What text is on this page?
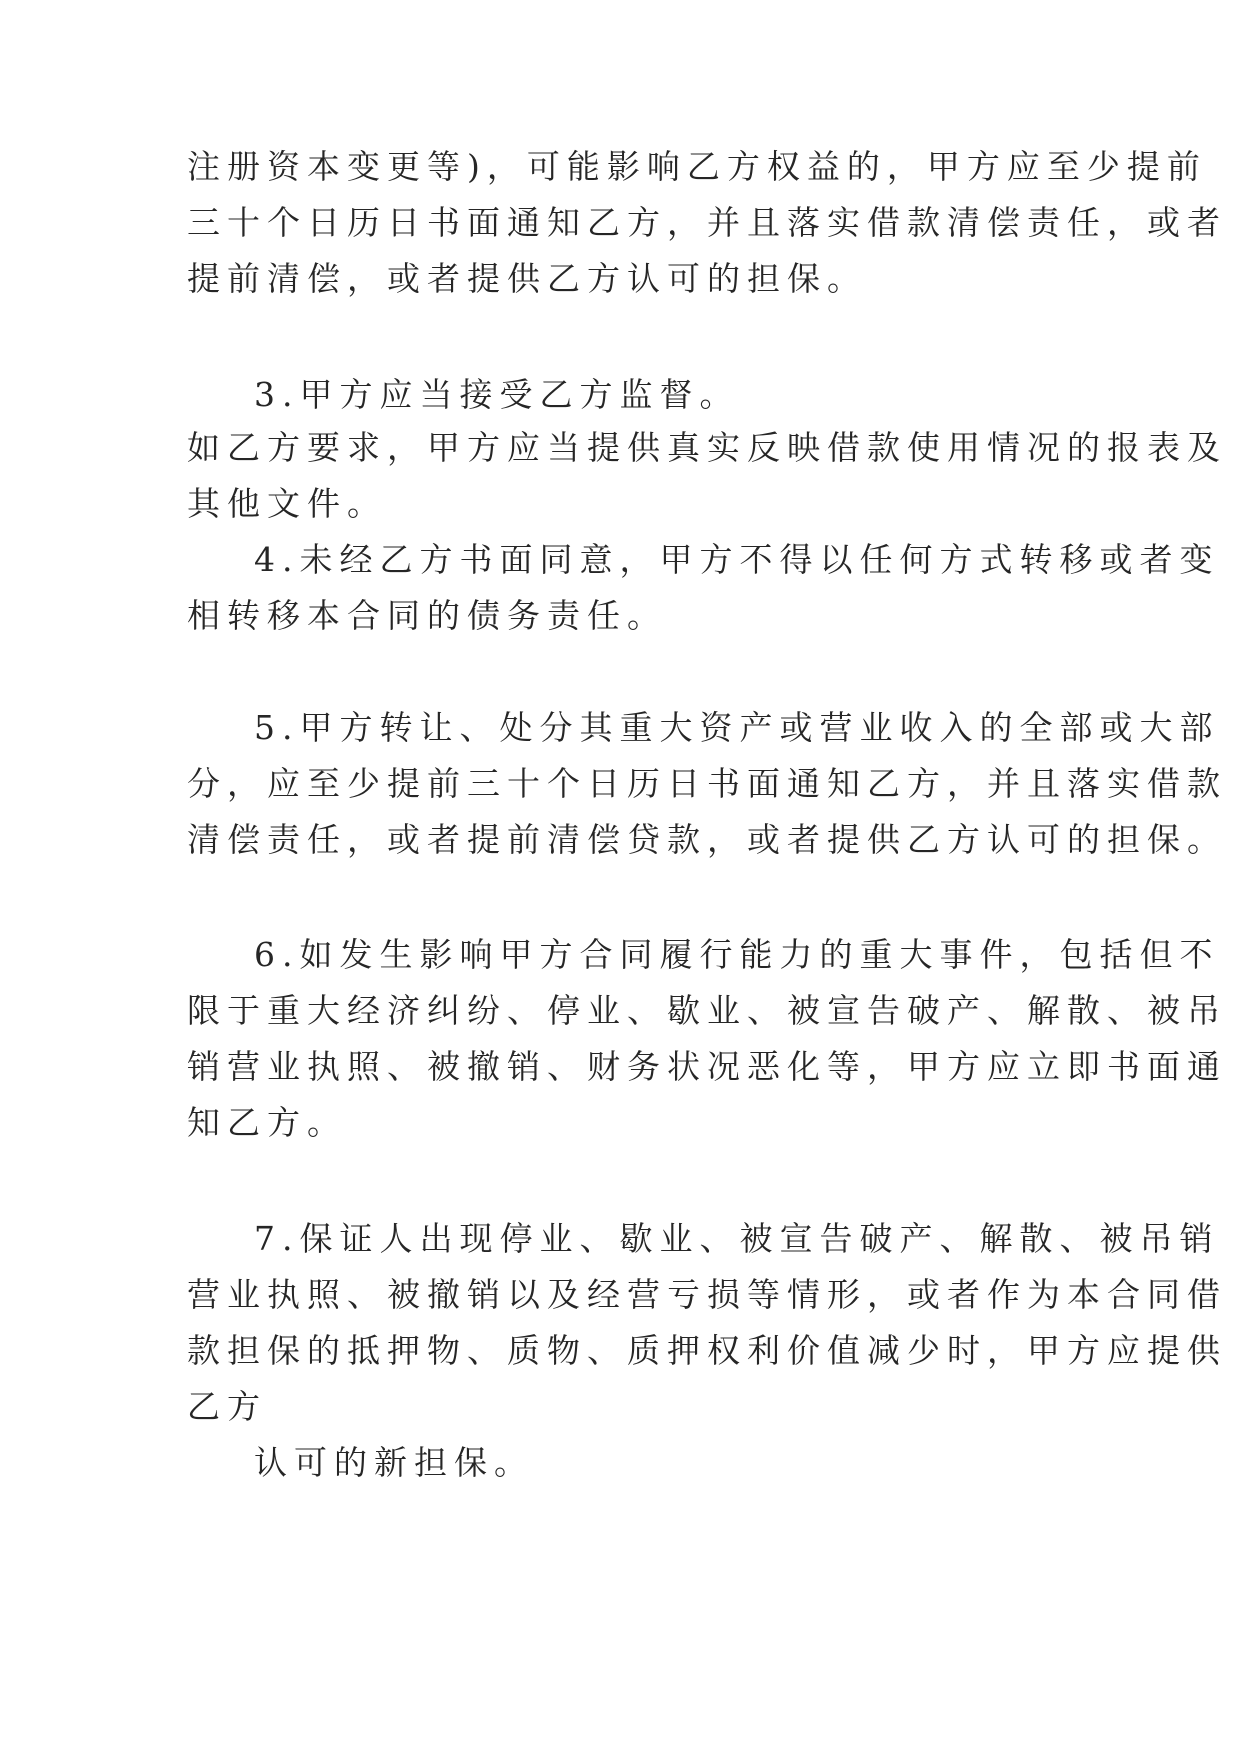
注册资本变更等)，可能影响乙方权益的，甲方应至少提前

三十个日历日书面通知乙方，并且落实借款清偿责任，或者

提前清偿，或者提供乙方认可的担保。

3.甲方应当接受乙方监督。

如乙方要求，甲方应当提供真实反映借款使用情况的报表及

其他文件。

4.未经乙方书面同意，甲方不得以任何方式转移或者变

相转移本合同的债务责任。

5.甲方转让、处分其重大资产或营业收入的全部或大部

分，应至少提前三十个日历日书面通知乙方，并且落实借款

清偿责任，或者提前清偿贷款，或者提供乙方认可的担保。

6.如发生影响甲方合同履行能力的重大事件，包括但不

限于重大经济纠纷、停业、歇业、被宣告破产、解散、被吊

销营业执照、被撤销、财务状况恶化等，甲方应立即书面通

知乙方。

7.保证人出现停业、歇业、被宣告破产、解散、被吊销

营业执照、被撤销以及经营亏损等情形，或者作为本合同借

款担保的抵押物、质物、质押权利价值减少时，甲方应提供

乙方

认可的新担保。
